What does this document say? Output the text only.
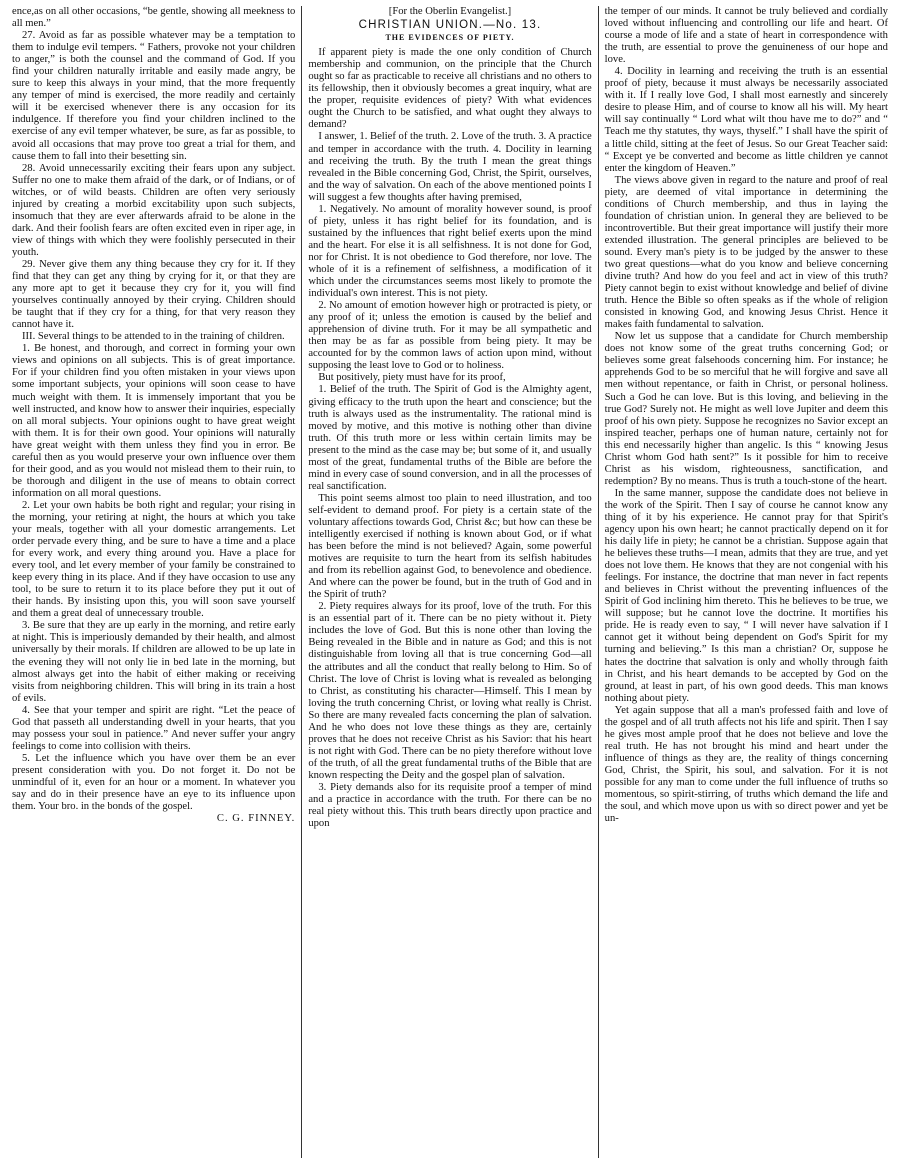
ence,as on all other occasions, “be gentle, showing all meekness to all men.”

27. Avoid as far as possible whatever may be a temptation to them to indulge evil tempers. “ Fathers, provoke not your children to anger,” is both the counsel and the command of God. If you find your children naturally irritable and easily made angry, be sure to keep this always in your mind, that the more frequently any temper of mind is exercised, the more readily and certainly will it be exercised whenever there is any occasion for its indulgence. If therefore you find your children inclined to the exercise of any evil temper whatever, be sure, as far as possible, to avoid all occasions that may prove too great a trial for them, and cause them to fall into their besetting sin.

28. Avoid unnecessarily exciting their fears upon any subject. Suffer no one to make them afraid of the dark, or of Indians, or of witches, or of wild beasts. Children are often very seriously injured by creating a morbid excitability upon such subjects, insomuch that they are ever afterwards afraid to be alone in the dark. And their foolish fears are often excited even in riper age, in view of things with which they were foolishly persecuted in their youth.

29. Never give them any thing because they cry for it. If they find that they can get any thing by crying for it, or that they are any more apt to get it because they cry for it, you will find yourselves continually annoyed by their crying. Children should be taught that if they cry for a thing, for that very reason they cannot have it.

III. Several things to be attended to in the training of children.

1. Be honest, and thorough, and correct in forming your own views and opinions on all subjects. This is of great importance. For if your children find you often mistaken in your views upon some important subjects, your opinions will soon cease to have much weight with them. It is immensely important that you be well instructed, and know how to answer their inquiries, especially on all moral subjects. Your opinions ought to have great weight with them. It is for their own good. Your opinions will naturally have great weight with them unless they find you in error. Be careful then as you would preserve your own influence over them for their good, and as you would not mislead them to their ruin, to be thorough and diligent in the use of means to obtain correct information on all moral questions.

2. Let your own habits be both right and regular; your rising in the morning, your retiring at night, the hours at which you take your meals, together with all your domestic arrangements. Let order pervade every thing, and be sure to have a time and a place for every work, and every thing around you. Have a place for every tool, and let every member of your family be constrained to keep every thing in its place. And if they have occasion to use any tool, to be sure to return it to its place before they put it out of their hands. By insisting upon this, you will soon save yourself and them a great deal of unnecessary trouble.

3. Be sure that they are up early in the morning, and retire early at night. This is imperiously demanded by their health, and almost universally by their morals. If children are allowed to be up late in the evening they will not only lie in bed late in the morning, but almost always get into the habit of either making or receiving visits from neighboring children. This will bring in its train a host of evils.

4. See that your temper and spirit are right. “Let the peace of God that passeth all understanding dwell in your hearts, that you may possess your soul in patience.” And never suffer your angry feelings to come into collision with theirs.

5. Let the influence which you have over them be an ever present consideration with you. Do not forget it. Do not be unmindful of it, even for an hour or a moment. In whatever you say and do in their presence have an eye to its influence upon them. Your bro. in the bonds of the gospel.

C. G. FINNEY.

[For the Oberlin Evangelist.]
CHRISTIAN UNION.—No. 13.
THE EVIDENCES OF PIETY.

If apparent piety is made the one only condition of Church membership and communion, on the principle that the Church ought so far as practicable to receive all christians and no others to its fellowship, then it obviously becomes a great inquiry, what are the proper, requisite evidences of piety? With what evidences ought the Church to be satisfied, and what ought they always to demand?

I answer, 1. Belief of the truth. 2. Love of the truth. 3. A practice and temper in accordance with the truth. 4. Docility in learning and receiving the truth. By the truth I mean the great things revealed in the Bible concerning God, Christ, the Spirit, ourselves, and the way of salvation. On each of the above mentioned points I will suggest a few thoughts after having premised,

1. Negatively. No amount of morality however sound, is proof of piety, unless it has right belief for its foundation, and is sustained by the influences that right belief exerts upon the mind and the heart. For else it is all selfishness. It is not done for God, nor for Christ. It is not obedience to God therefore, nor love. The whole of it is a refinement of selfishness, a modification of it which under the circumstances seems most likely to promote the individual's own interest. This is not piety.

2. No amount of emotion however high or protracted is piety, or any proof of it; unless the emotion is caused by the belief and apprehension of divine truth. For it may be all sympathetic and then may be as far as possible from being piety. It may be accounted for by the common laws of action upon mind, without supposing the least love to God or to holiness.

But positively, piety must have for its proof,

1. Belief of the truth. The Spirit of God is the Almighty agent, giving efficacy to the truth upon the heart and conscience; but the truth is always used as the instrumentality. The rational mind is moved by motive, and this motive is nothing other than divine truth. Of this truth more or less within certain limits may be present to the mind as the case may be; but some of it, and usually most of the great, fundamental truths of the Bible are before the mind in every case of sound conversion, and in all the processes of real sanctification.

This point seems almost too plain to need illustration, and too self-evident to demand proof. For piety is a certain state of the voluntary affections towards God, Christ &c; but how can these be intelligently exercised if nothing is known about God, or if what has been before the mind is not believed? Again, some powerful motives are requisite to turn the heart from its selfish habitudes and from its rebellion against God, to benevolence and obedience. And where can the power be found, but in the truth of God and in the Spirit of truth?

2. Piety requires always for its proof, love of the truth. For this is an essential part of it. There can be no piety without it. Piety includes the love of God. But this is none other than loving the Being revealed in the Bible and in nature as God; and this is not distinguishable from loving all that is true concerning God—all the attributes and all the conduct that really belong to Him. So of Christ. The love of Christ is loving what is revealed as belonging to Christ, as constituting his character—Himself. This I mean by loving the truth concerning Christ, or loving what really is Christ. So there are many revealed facts concerning the plan of salvation. And he who does not love these things as they are, certainly proves that he does not receive Christ as his Savior: that his heart is not right with God. There can be no piety therefore without love of the truth, of all the great fundamental truths of the Bible that are known respecting the Deity and the gospel plan of salvation.

3. Piety demands also for its requisite proof a temper of mind and a practice in accordance with the truth. For there can be no real piety without this. This truth bears directly upon practice and upon

the temper of our minds. It cannot be truly believed and cordially loved without influencing and controlling our life and heart. Of course a mode of life and a state of heart in correspondence with the truth, are essential to prove the genuineness of our hope and love.

4. Docility in learning and receiving the truth is an essential proof of piety, because it must always be necessarily associated with it. If I really love God, I shall most earnestly and sincerely desire to please Him, and of course to know all his will. My heart will say continually “ Lord what wilt thou have me to do?” and “ Teach me thy statutes, thy ways, thyself.” I shall have the spirit of a little child, sitting at the feet of Jesus. So our Great Teacher said: “ Except ye be converted and become as little children ye cannot enter the kingdom of Heaven.”

The views above given in regard to the nature and proof of real piety, are deemed of vital importance in determining the conditions of Church membership, and thus in laying the foundation of christian union. In general they are believed to be incontrovertible. But their great importance will justify their more extended illustration. The general principles are believed to be sound. Every man's piety is to be judged by the answer to these two great questions—what do you know and believe concerning divine truth? And how do you feel and act in view of this truth? Piety cannot begin to exist without knowledge and belief of divine truth. Hence the Bible so often speaks as if the whole of religion consisted in knowing God, and knowing Jesus Christ. Hence it makes faith fundamental to salvation.

Now let us suppose that a candidate for Church membership does not know some of the great truths concerning God; or believes some great falsehoods concerning him. For instance; he apprehends God to be so merciful that he will forgive and save all men without repentance, or faith in Christ, or personal holiness. Such a God he can love. But is this loving, and believing in the true God? Surely not. He might as well love Jupiter and deem this proof of his own piety. Suppose he recognizes no Savior except an inspired teacher, perhaps one of human nature, certainly not for this end necessarily higher than angelic. Is this “ knowing Jesus Christ whom God hath sent?” Is it possible for him to receive Christ as his wisdom, righteousness, sanctification, and redemption? By no means. Thus is truth a touch-stone of the heart.

In the same manner, suppose the candidate does not believe in the work of the Spirit. Then I say of course he cannot know any thing of it by his experience. He cannot pray for that Spirit's agency upon his own heart; he cannot practically depend on it for his daily life in piety; he cannot be a christian. Suppose again that he believes these truths—I mean, admits that they are true, and yet does not love them. He knows that they are not congenial with his feelings. For instance, the doctrine that man never in fact repents and believes in Christ without the preventing influences of the Spirit of God inclining him thereto. This he believes to be true, we will suppose; but he cannot love the doctrine. It mortifies his pride. He is ready even to say, “ I will never have salvation if I cannot get it without being dependent on God's Spirit for my turning and believing.” Is this man a christian? Or, suppose he hates the doctrine that salvation is only and wholly through faith in Christ, and his heart demands to be accepted by God on the ground, at least in part, of his own good deeds. This man knows nothing about piety.

Yet again suppose that all a man's professed faith and love of the gospel and of all truth affects not his life and spirit. Then I say he gives most ample proof that he does not believe and love the real truth. He has not brought his mind and heart under the influence of things as they are, the reality of things concerning God, Christ, the Spirit, his soul, and salvation. For it is not possible for any man to come under the full influence of truths so momentous, so spirit-stirring, of truths which demand the life and the soul, and which move upon us with so direct power and yet be un-
